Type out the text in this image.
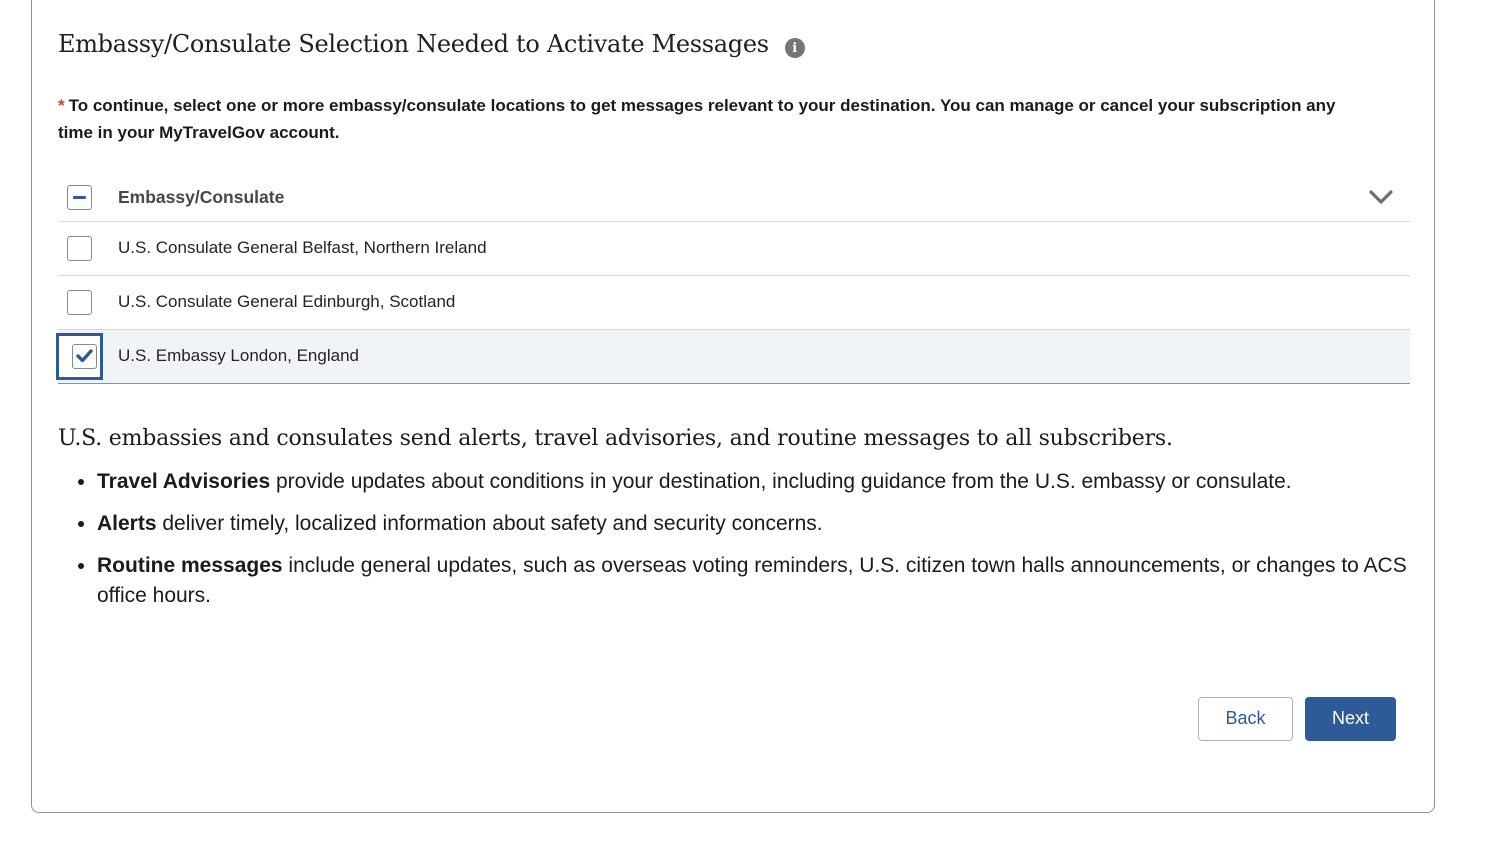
Embassy/Consulate Selection Needed to Activate Messages	i

* To continue, select one or more embassy/consulate locations to get messages relevant to your destination. You can manage or cancel your subscription any time in your MyTravelGov account.

Embassy/Consulate
U.S. Consulate General Belfast, Northern Ireland
U.S. Consulate General Edinburgh, Scotland
U.S. Embassy London, England

U.S. embassies and consulates send alerts, travel advisories, and routine messages to all subscribers.

• Travel Advisories provide updates about conditions in your destination, including guidance from the U.S. embassy or consulate.
• Alerts deliver timely, localized information about safety and security concerns.
• Routine messages include general updates, such as overseas voting reminders, U.S. citizen town halls announcements, or changes to ACS office hours.
Back	Next
